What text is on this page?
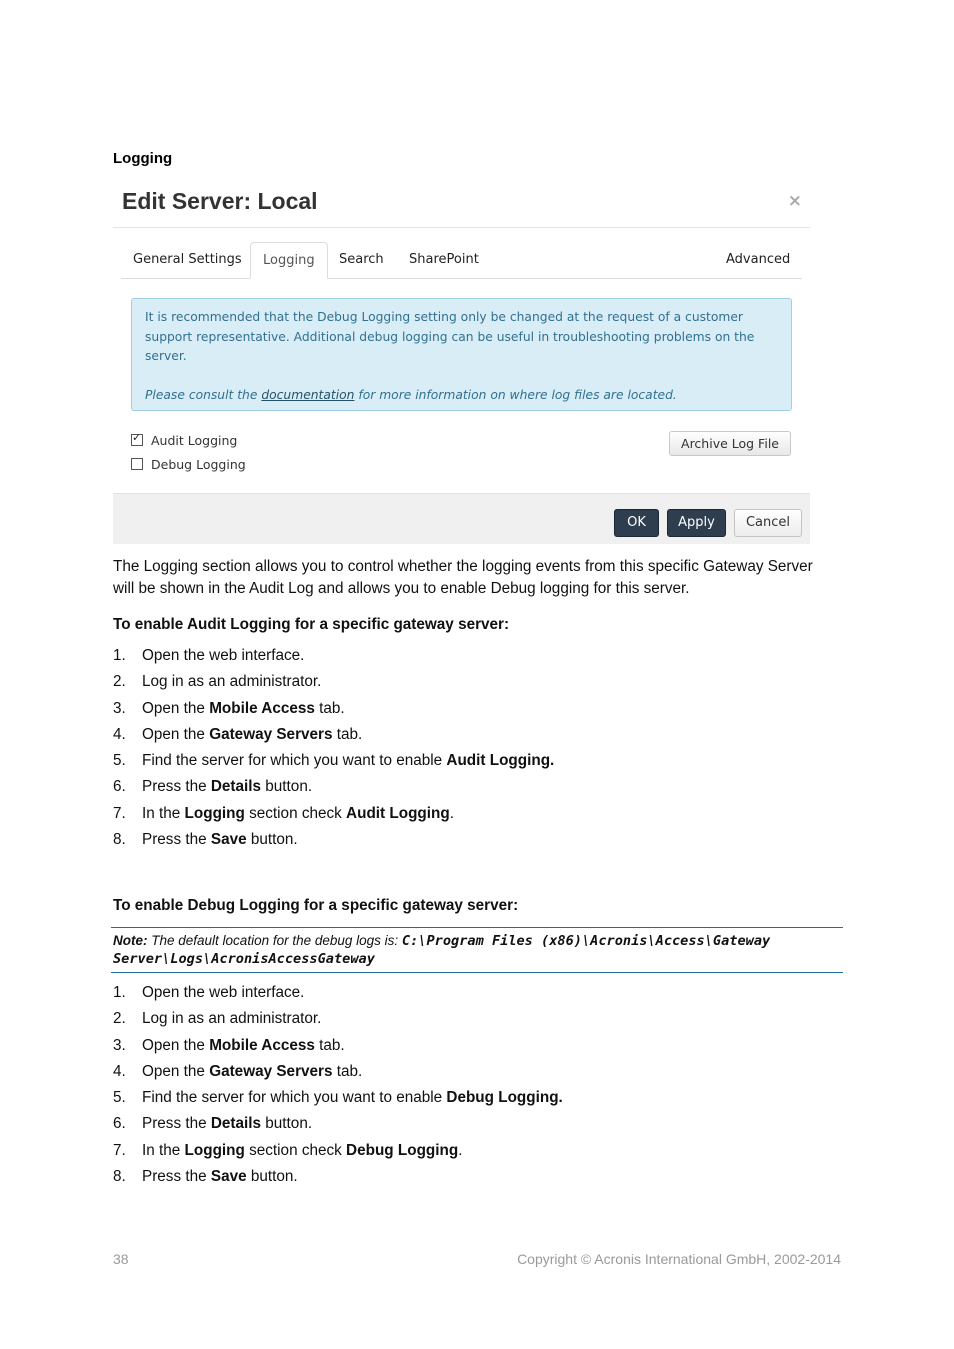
Logging
Edit Server: Local	×
General Settings	Logging	Search	SharePoint	Advanced

It is recommended that the Debug Logging setting only be changed at the request of a customer support representative. Additional debug logging can be useful in troubleshooting problems on the server.

Please consult the documentation for more information on where log files are located.

✓ Audit Logging
Debug Logging
Archive Log File
OK	Apply	Cancel
The Logging section allows you to control whether the logging events from this specific Gateway Server will be shown in the Audit Log and allows you to enable Debug logging for this server.
To enable Audit Logging for a specific gateway server:
1. Open the web interface.
2. Log in as an administrator.
3. Open the Mobile Access tab.
4. Open the Gateway Servers tab.
5. Find the server for which you want to enable Audit Logging.
6. Press the Details button.
7. In the Logging section check Audit Logging.
8. Press the Save button.
To enable Debug Logging for a specific gateway server:
Note: The default location for the debug logs is: C:\Program Files (x86)\Acronis\Access\Gateway Server\Logs\AcronisAccessGateway
1. Open the web interface.
2. Log in as an administrator.
3. Open the Mobile Access tab.
4. Open the Gateway Servers tab.
5. Find the server for which you want to enable Debug Logging.
6. Press the Details button.
7. In the Logging section check Debug Logging.
8. Press the Save button.
38	Copyright © Acronis International GmbH, 2002-2014
